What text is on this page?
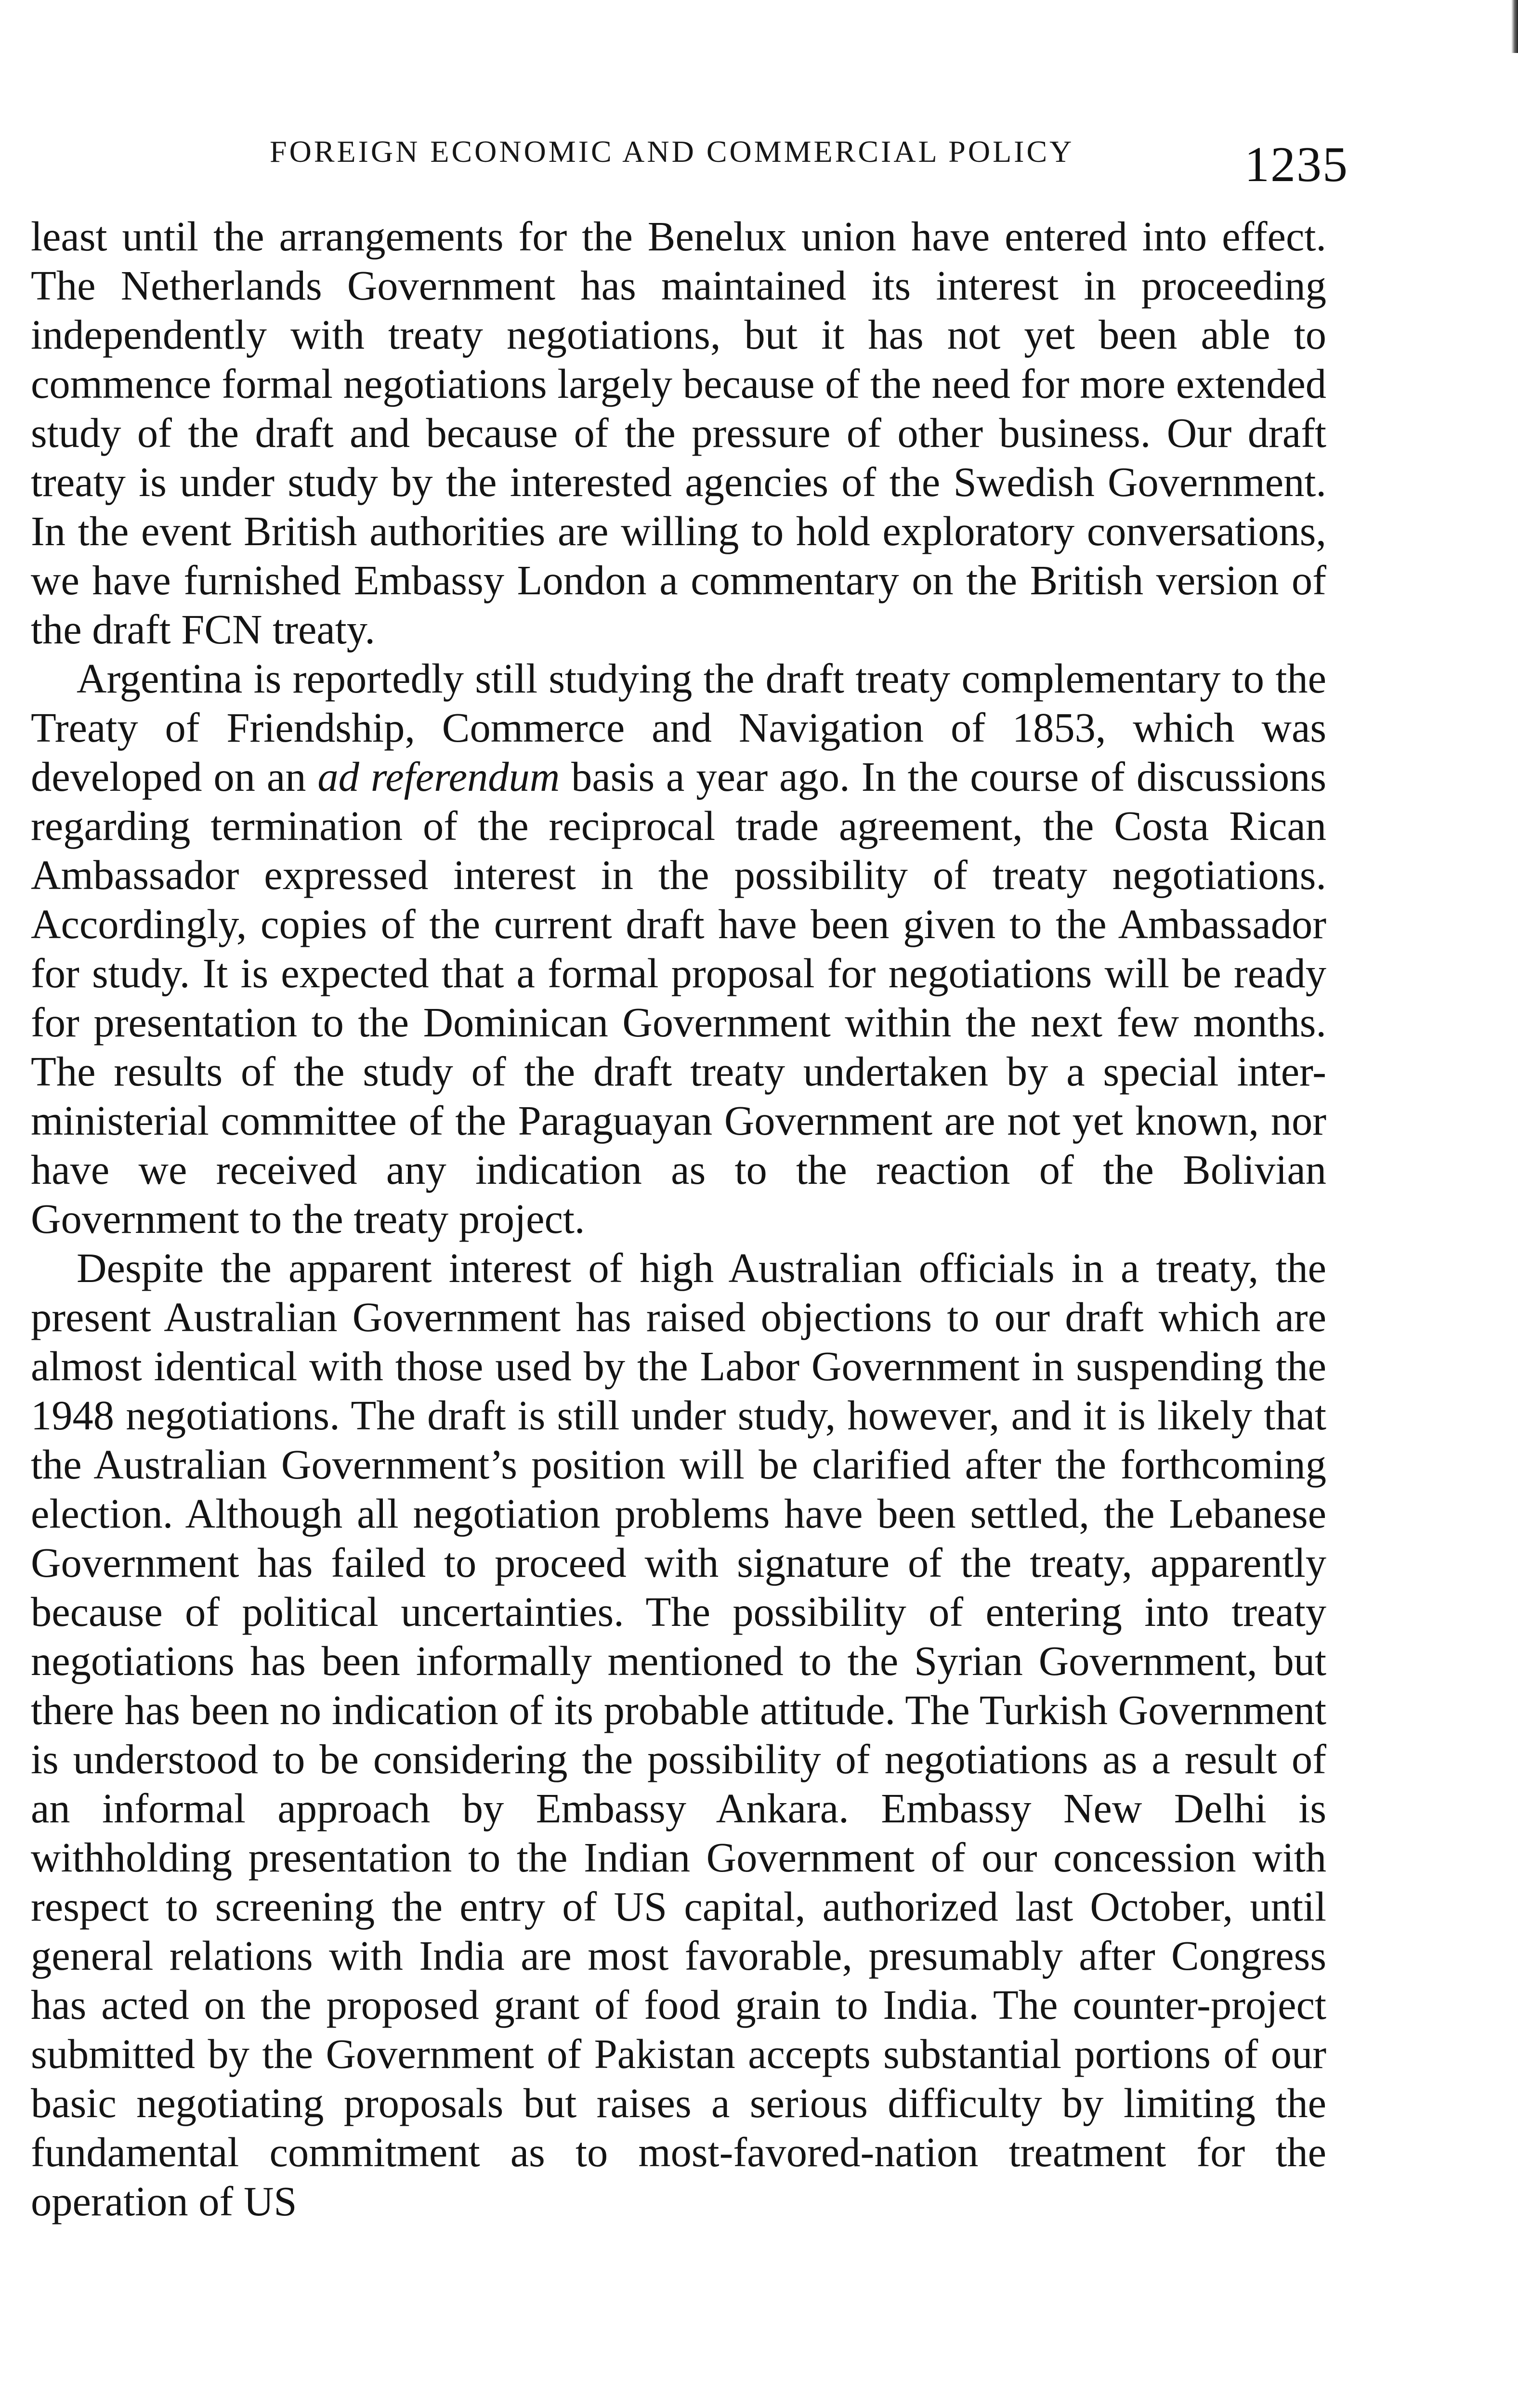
FOREIGN ECONOMIC AND COMMERCIAL POLICY	1235

least until the arrangements for the Benelux union have entered into effect. The Netherlands Government has maintained its interest in proceeding independently with treaty negotiations, but it has not yet been able to commence formal negotiations largely because of the need for more extended study of the draft and because of the pressure of other business. Our draft treaty is under study by the interested agencies of the Swedish Government. In the event British authorities are willing to hold exploratory conversations, we have furnished Embassy London a commentary on the British version of the draft FCN treaty.

Argentina is reportedly still studying the draft treaty complementary to the Treaty of Friendship, Commerce and Navigation of 1853, which was developed on an ad referendum basis a year ago. In the course of discussions regarding termination of the reciprocal trade agreement, the Costa Rican Ambassador expressed interest in the possibility of treaty negotiations. Accordingly, copies of the current draft have been given to the Ambassador for study. It is expected that a formal proposal for negotiations will be ready for presentation to the Dominican Government within the next few months. The results of the study of the draft treaty undertaken by a special inter-ministerial committee of the Paraguayan Government are not yet known, nor have we received any indication as to the reaction of the Bolivian Government to the treaty project.

Despite the apparent interest of high Australian officials in a treaty, the present Australian Government has raised objections to our draft which are almost identical with those used by the Labor Government in suspending the 1948 negotiations. The draft is still under study, however, and it is likely that the Australian Government’s position will be clarified after the forthcoming election. Although all negotiation problems have been settled, the Lebanese Government has failed to proceed with signature of the treaty, apparently because of political uncertainties. The possibility of entering into treaty negotiations has been informally mentioned to the Syrian Government, but there has been no indication of its probable attitude. The Turkish Government is understood to be considering the possibility of negotiations as a result of an informal approach by Embassy Ankara. Embassy New Delhi is withholding presentation to the Indian Government of our concession with respect to screening the entry of US capital, authorized last October, until general relations with India are most favorable, presumably after Congress has acted on the proposed grant of food grain to India. The counter-project submitted by the Government of Pakistan accepts substantial portions of our basic negotiating proposals but raises a serious difficulty by limiting the fundamental commitment as to most-favored-nation treatment for the operation of US
